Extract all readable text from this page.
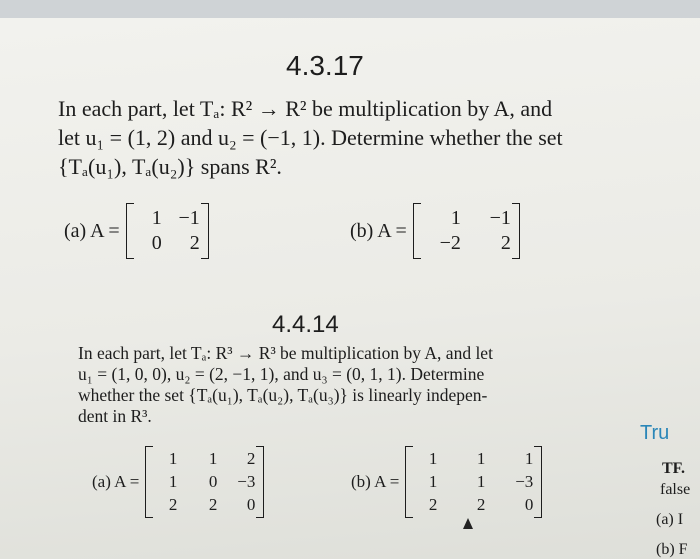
4.3.17
In each part, let Tₐ: R² → R² be multiplication by A, and
let u₁ = (1, 2) and u₂ = (−1, 1). Determine whether the set
{Tₐ(u₁), Tₐ(u₂)} spans R².
(a) A =
1 −1
0	2
(b) A =
1	−1
−2	2
4.4.14
In each part, let Tₐ: R³ → R³ be multiplication by A, and let
u₁ = (1, 0, 0), u₂ = (2, −1, 1), and u₃ = (0, 1, 1). Determine
whether the set {Tₐ(u₁), Tₐ(u₂), Tₐ(u₃)} is linearly indepen-
dent in R³.
(a) A =
1	1	2
1	0	−3
2	2	0
(b) A =
1	1	1
1	1	−3
2	2	0
Tru
TF.
false
(a) I
(b) F
